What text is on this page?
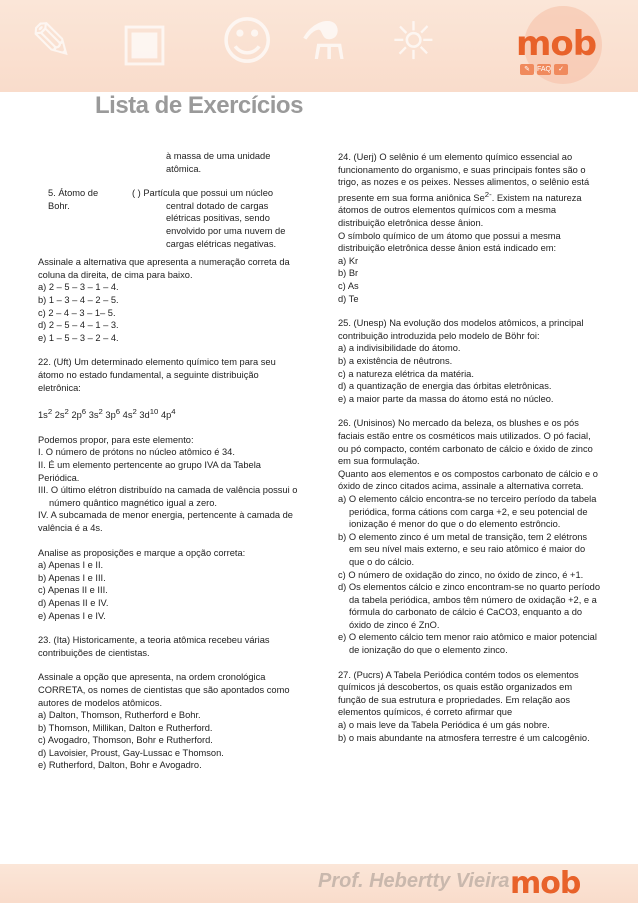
✎ ▣ ☺ ⚗ ☼ mob
✎	FAQ	✓
Lista de Exercícios

à massa de uma unidade

atômica.

5. Átomo de

Bohr.

( ) Partícula que possui um núcleo

central dotado de cargas

elétricas positivas, sendo

envolvido por uma nuvem de

cargas elétricas negativas.

Assinale a alternativa que apresenta a numeração correta da coluna da direita, de cima para baixo.

a) 2 – 5 – 3 – 1 – 4.

b) 1 – 3 – 4 – 2 – 5.

c) 2 – 4 – 3 – 1– 5.

d) 2 – 5 – 4 – 1 – 3.

e) 1 – 5 – 3 – 2 – 4.

22. (Uft) Um determinado elemento químico tem para seu átomo no estado fundamental, a seguinte distribuição eletrônica:

$1s^2$ $2s^2$ $2p^6$ $3s^2$ $3p^6$ $4s^2$ $3d^{10}$ $4p^4$

Podemos propor, para este elemento:

I. O número de prótons no núcleo atômico é 34.

II. É um elemento pertencente ao grupo IVA da Tabela Periódica.

III. O último elétron distribuído na camada de valência possui o número quântico magnético igual a zero.

IV. A subcamada de menor energia, pertencente à camada de valência é a 4s.

Analise as proposições e marque a opção correta:

a) Apenas I e II.

b) Apenas I e III.

c) Apenas II e III.

d) Apenas II e IV.

e) Apenas I e IV.

23. (Ita) Historicamente, a teoria atômica recebeu várias contribuições de cientistas.

Assinale a opção que apresenta, na ordem cronológica CORRETA, os nomes de cientistas que são apontados como autores de modelos atômicos.

a) Dalton, Thomson, Rutherford e Bohr.

b) Thomson, Millikan, Dalton e Rutherford.

c) Avogadro, Thomson, Bohr e Rutherford.

d) Lavoisier, Proust, Gay-Lussac e Thomson.

e) Rutherford, Dalton, Bohr e Avogadro.

24. (Uerj) O selênio é um elemento químico essencial ao funcionamento do organismo, e suas principais fontes são o trigo, as nozes e os peixes. Nesses alimentos, o selênio está presente em sua forma aniônica $Se^{2-}$. Existem na natureza átomos de outros elementos químicos com a mesma distribuição eletrônica desse ânion.

O símbolo químico de um átomo que possui a mesma distribuição eletrônica desse ânion está indicado em:

a) Kr

b) Br

c) As

d) Te

25. (Unesp) Na evolução dos modelos atômicos, a principal contribuição introduzida pelo modelo de Böhr foi:

a) a indivisibilidade do átomo.

b) a existência de nêutrons.

c) a natureza elétrica da matéria.

d) a quantização de energia das órbitas eletrônicas.

e) a maior parte da massa do átomo está no núcleo.

26. (Unisinos) No mercado da beleza, os blushes e os pós faciais estão entre os cosméticos mais utilizados. O pó facial, ou pó compacto, contém carbonato de cálcio e óxido de zinco em sua formulação.

Quanto aos elementos e os compostos carbonato de cálcio e o óxido de zinco citados acima, assinale a alternativa correta.

a) O elemento cálcio encontra-se no terceiro período da tabela periódica, forma cátions com carga +2, e seu potencial de ionização é menor do que o do elemento estrôncio.

b) O elemento zinco é um metal de transição, tem 2 elétrons em seu nível mais externo, e seu raio atômico é maior do que o do cálcio.

c) O número de oxidação do zinco, no óxido de zinco, é +1.

d) Os elementos cálcio e zinco encontram-se no quarto período da tabela periódica, ambos têm número de oxidação +2, e a fórmula do carbonato de cálcio é CaCO3, enquanto a do óxido de zinco é ZnO.

e) O elemento cálcio tem menor raio atômico e maior potencial de ionização do que o elemento zinco.

27. (Pucrs) A Tabela Periódica contém todos os elementos químicos já descobertos, os quais estão organizados em função de sua estrutura e propriedades. Em relação aos elementos químicos, é correto afirmar que

a) o mais leve da Tabela Periódica é um gás nobre.

b) o mais abundante na atmosfera terrestre é um calcogênio.

Prof. Hebertty Vieira mob
